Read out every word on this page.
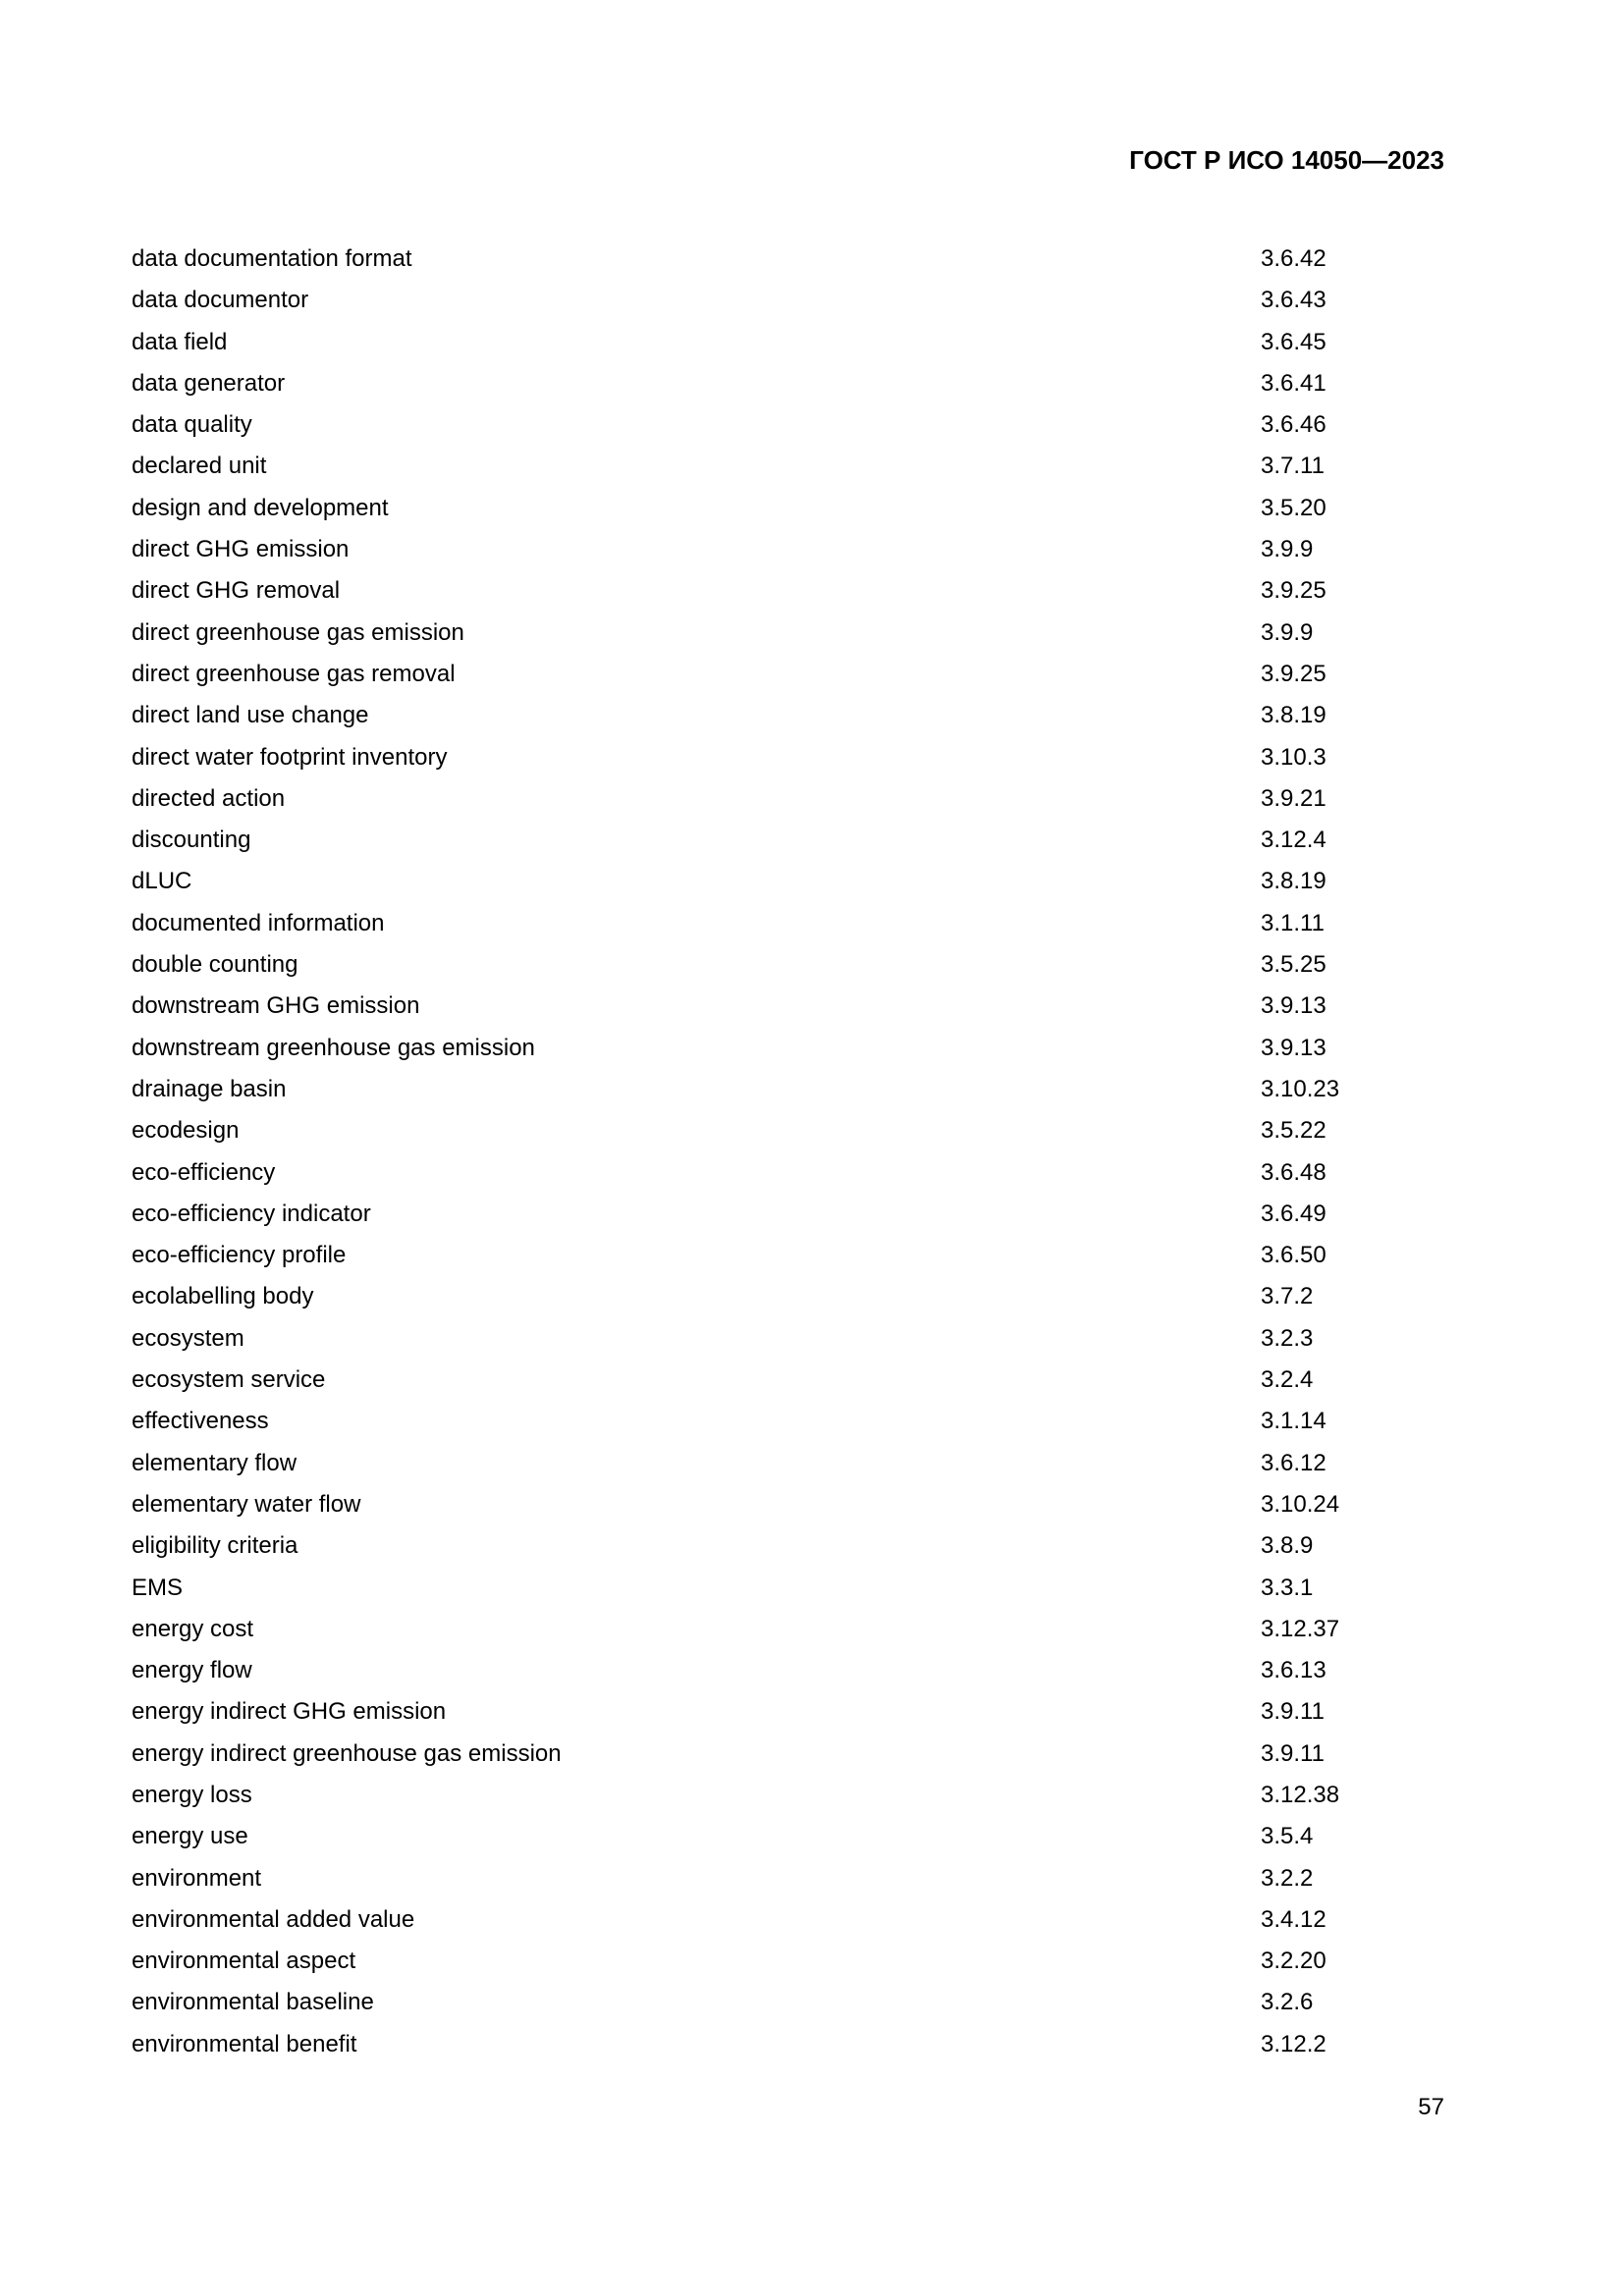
ГОСТ Р ИСО 14050—2023
data documentation format	3.6.42
data documentor	3.6.43
data field	3.6.45
data generator	3.6.41
data quality	3.6.46
declared unit	3.7.11
design and development	3.5.20
direct GHG emission	3.9.9
direct GHG removal	3.9.25
direct greenhouse gas emission	3.9.9
direct greenhouse gas removal	3.9.25
direct land use change	3.8.19
direct water footprint inventory	3.10.3
directed action	3.9.21
discounting	3.12.4
dLUC	3.8.19
documented information	3.1.11
double counting	3.5.25
downstream GHG emission	3.9.13
downstream greenhouse gas emission	3.9.13
drainage basin	3.10.23
ecodesign	3.5.22
eco-efficiency	3.6.48
eco-efficiency indicator	3.6.49
eco-efficiency profile	3.6.50
ecolabelling body	3.7.2
ecosystem	3.2.3
ecosystem service	3.2.4
effectiveness	3.1.14
elementary flow	3.6.12
elementary water flow	3.10.24
eligibility criteria	3.8.9
EMS	3.3.1
energy cost	3.12.37
energy flow	3.6.13
energy indirect GHG emission	3.9.11
energy indirect greenhouse gas emission	3.9.11
energy loss	3.12.38
energy use	3.5.4
environment	3.2.2
environmental added value	3.4.12
environmental aspect	3.2.20
environmental baseline	3.2.6
environmental benefit	3.12.2
57
